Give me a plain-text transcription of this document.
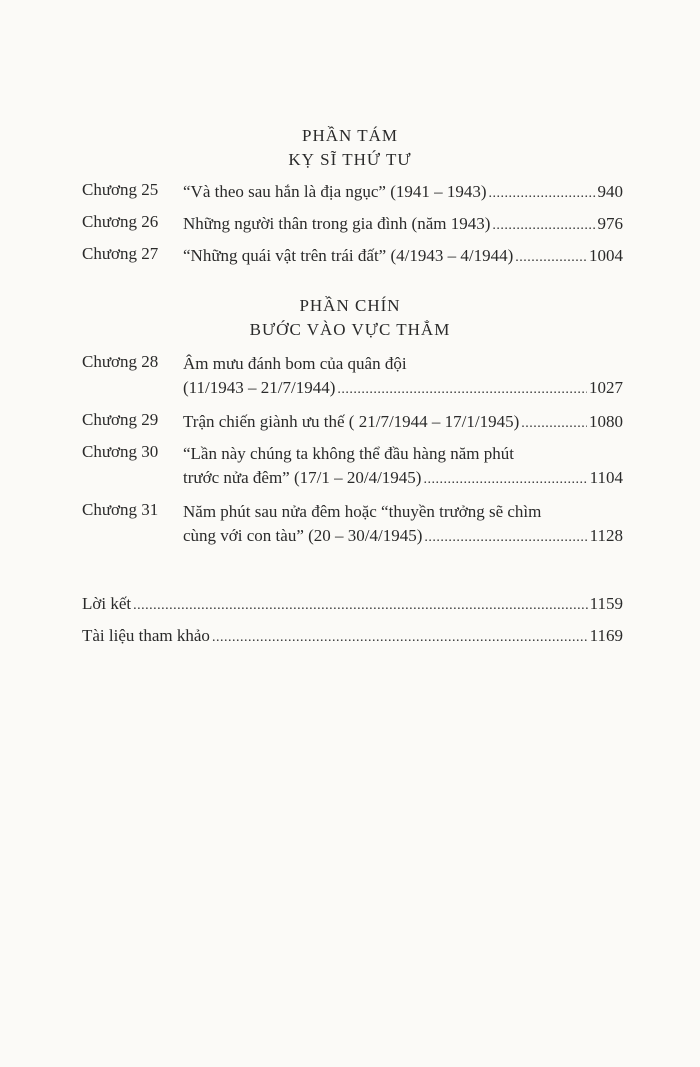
PHẦN TÁM
KỴ SĨ THỨ TƯ
Chương 25 “Và theo sau hắn là địa ngục” (1941 – 1943) .....	940
Chương 26 Những người thân trong gia đình (năm 1943) .....	976
Chương 27 “Những quái vật trên trái đất” (4/1943 – 4/1944) .....	1004
PHẦN CHÍN
BƯỚC VÀO VỰC THẲM
Chương 28 Âm mưu đánh bom của quân đội
(11/1943 – 21/7/1944) .....	1027
Chương 29 Trận chiến giành ưu thế ( 21/7/1944 – 17/1/1945) .....	1080
Chương 30 “Lần này chúng ta không thể đầu hàng năm phút
trước nửa đêm” (17/1 – 20/4/1945) .....	1104
Chương 31 Năm phút sau nửa đêm hoặc “thuyền trưởng sẽ chìm
cùng với con tàu” (20 – 30/4/1945) .....	1128
Lời kết .....	1159
Tài liệu tham khảo .....	1169
